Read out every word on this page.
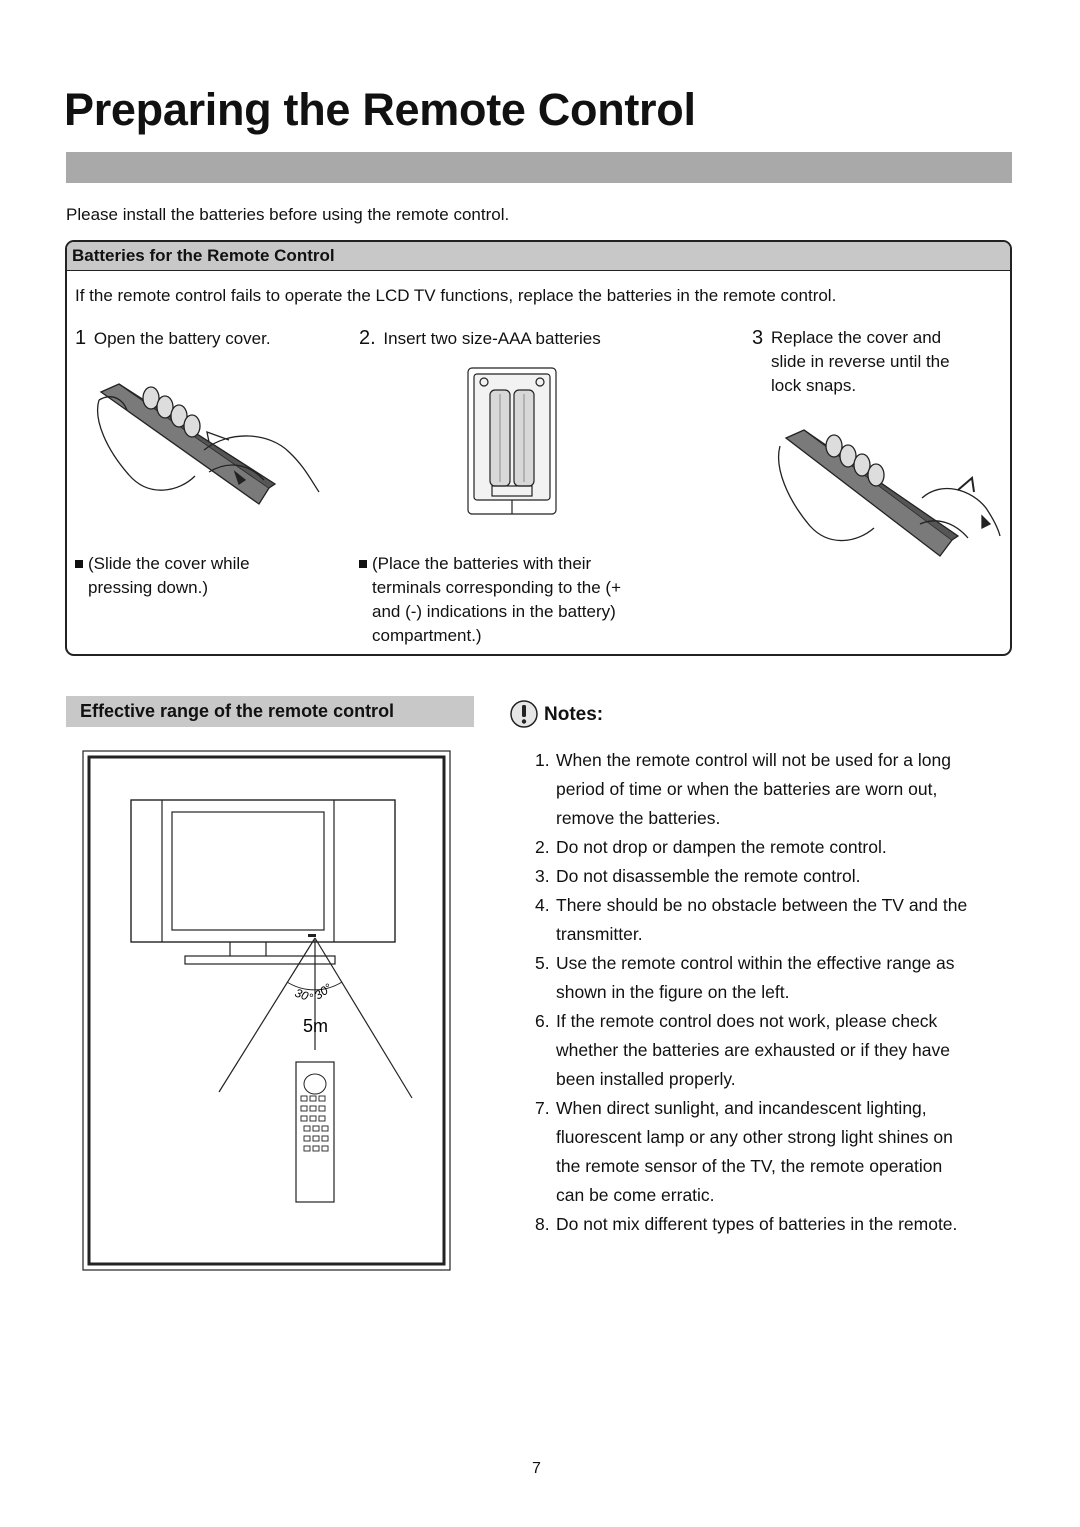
Preparing the Remote Control
Please install the batteries before using the remote control.
Batteries for the Remote Control
If the remote control fails to operate the LCD TV functions, replace the batteries in the remote control.
1 Open the battery cover.	2. Insert two size-AAA batteries	3 Replace the cover and
slide in reverse until the
lock snaps.
(Slide the cover while
pressing down.)
(Place the batteries with their
terminals corresponding to the (+
and (-) indications in the battery)
compartment.)
Effective range of the remote control
30°
30°
5m
Notes:
1. When the remote control will not be used for a long period of time or when the batteries are worn out, remove the batteries.
2. Do not drop or dampen the remote control.
3. Do not disassemble the remote control.
4. There should be no obstacle between the TV and the transmitter.
5. Use the remote control within the effective range as shown in the figure on the left.
6. If the remote control does not work, please check whether the batteries are exhausted or if they have been installed properly.
7. When direct sunlight, and incandescent lighting, fluorescent lamp or any other strong light shines on the remote sensor of the TV, the remote operation can be come erratic.
8. Do not mix different types of batteries in the remote.
7
